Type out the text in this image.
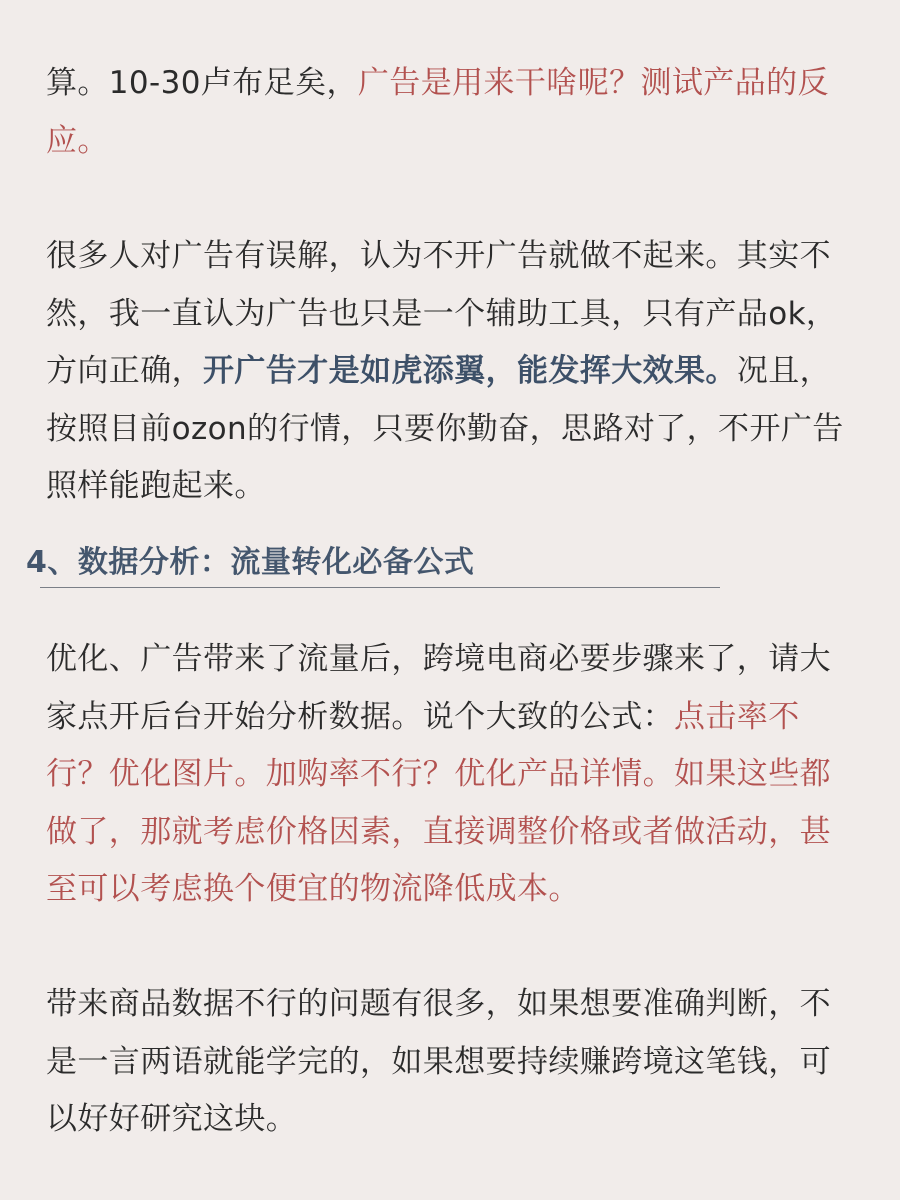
算。10-30卢布足矣，广告是用来干啥呢？测试产品的反应。

很多人对广告有误解，认为不开广告就做不起来。其实不然，我一直认为广告也只是一个辅助工具，只有产品ok，方向正确，开广告才是如虎添翼，能发挥大效果。况且，按照目前ozon的行情，只要你勤奋，思路对了，不开广告照样能跑起来。

4、数据分析：流量转化必备公式

优化、广告带来了流量后，跨境电商必要步骤来了，请大家点开后台开始分析数据。说个大致的公式：点击率不行？优化图片。加购率不行？优化产品详情。如果这些都做了，那就考虑价格因素，直接调整价格或者做活动，甚至可以考虑换个便宜的物流降低成本。

带来商品数据不行的问题有很多，如果想要准确判断，不是一言两语就能学完的，如果想要持续赚跨境这笔钱，可以好好研究这块。
